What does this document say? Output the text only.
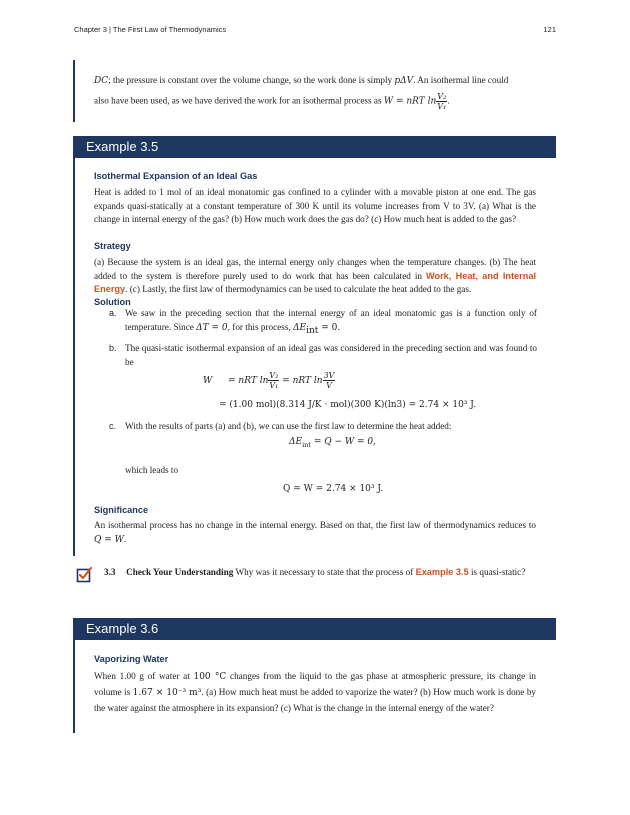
Chapter 3 | The First Law of Thermodynamics	121
DC; the pressure is constant over the volume change, so the work done is simply pΔV. An isothermal line could
also have been used, as we have derived the work for an isothermal process as W = nRT $\ln \frac{\text{V₂}}{\text{V₁}}$ .
Example 3.5
Isothermal Expansion of an Ideal Gas
Heat is added to 1 mol of an ideal monatomic gas confined to a cylinder with a movable piston at one end. The gas expands quasi-statically at a constant temperature of 300 K until its volume increases from V to 3V. (a) What is the change in internal energy of the gas? (b) How much work does the gas do? (c) How much heat is added to the gas?
Strategy
(a) Because the system is an ideal gas, the internal energy only changes when the temperature changes. (b) The heat added to the system is therefore purely used to do work that has been calculated in Work, Heat, and Internal Energy. (c) Lastly, the first law of thermodynamics can be used to calculate the heat added to the gas.
Solution
a. We saw in the preceding section that the internal energy of an ideal monatomic gas is a function only of temperature. Since ΔT = 0, for this process, $\Delta E_{int} = 0$.
b. The quasi-static isothermal expansion of an ideal gas was considered in the preceding section and was found to be
W = nRT $\ln \frac{\text{V₂}}{\text{V₁}}$ = nRT $\ln \frac{3V}{V}$
= (1.00 mol)(8.314 J/K · mol)(300 K)(ln3) = 2.74 × 10³ J.
c. With the results of parts (a) and (b), we can use the first law to determine the heat added:
$\Delta E_{int} = Q - W = 0$,
which leads to
Q = W = 2.74 × 10³ J.
Significance
An isothermal process has no change in the internal energy. Based on that, the first law of thermodynamics reduces to Q = W.
3.3 Check Your Understanding Why was it necessary to state that the process of Example 3.5 is quasi-static?
Example 3.6
Vaporizing Water
When 1.00 g of water at 100 °C changes from the liquid to the gas phase at atmospheric pressure, its change in volume is 1.67 × 10⁻³ m³. (a) How much heat must be added to vaporize the water? (b) How much work is done by the water against the atmosphere in its expansion? (c) What is the change in the internal energy of the water?
